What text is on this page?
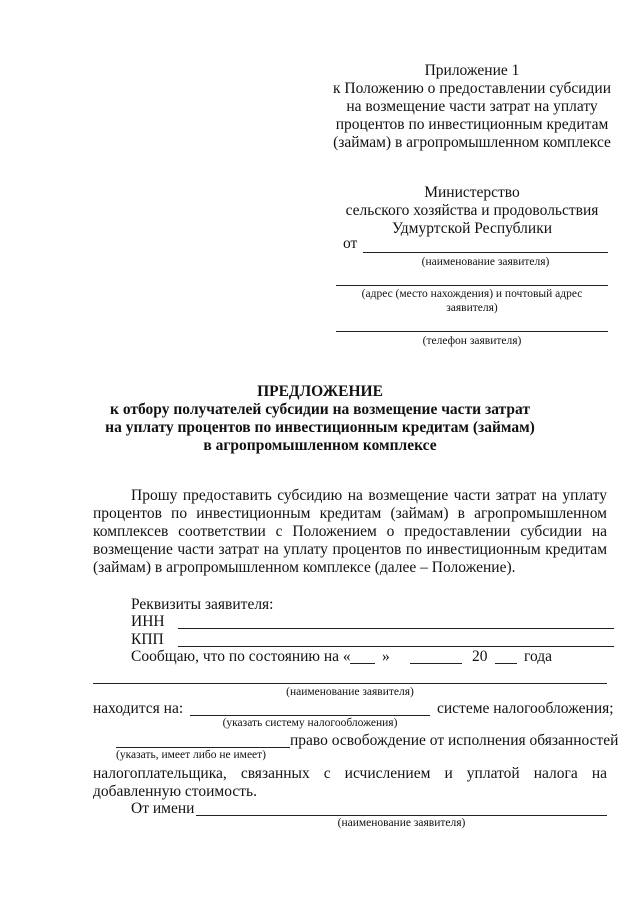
Приложение 1
к Положению о предоставлении субсидии
на возмещение части затрат на уплату
процентов по инвестиционным кредитам
(займам) в агропромышленном комплексе
Министерство
сельского хозяйства и продовольствия
Удмуртской Республики
от
(наименование заявителя)
(адрес (место нахождения) и почтовый адрес
заявителя)
(телефон заявителя)
ПРЕДЛОЖЕНИЕ
к отбору получателей субсидии на возмещение части затрат
на уплату процентов по инвестиционным кредитам (займам)
в агропромышленном комплексе
Прошу предоставить субсидию на возмещение части затрат на уплату
процентов по инвестиционным кредитам (займам) в агропромышленном
комплексев соответствии с Положением о предоставлении субсидии на
возмещение части затрат на уплату процентов по инвестиционным кредитам
(займам) в агропромышленном комплексе (далее – Положение).
Реквизиты заявителя:
ИНН
КПП
Сообщаю, что по состоянию на « »	20 года
(наименование заявителя)
находится на:	системе налогообложения;
(указать систему налогообложения)
право освобождение от исполнения обязанностей
(указать, имеет либо не имеет)
налогоплательщика, связанных с исчислением и уплатой налога на
добавленную стоимость.
От имени
(наименование заявителя)
